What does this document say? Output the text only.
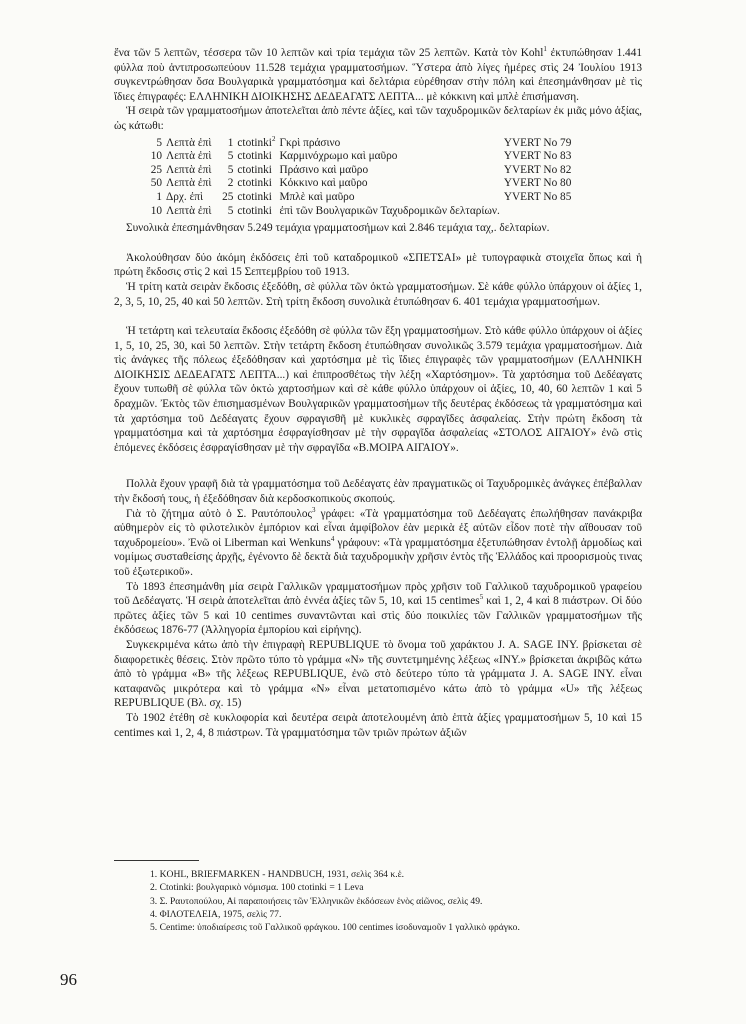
ἕνα τῶν 5 λεπτῶν, τέσσερα τῶν 10 λεπτῶν καὶ τρία τεμάχια τῶν 25 λεπτῶν. Κατὰ τὸν Kohl$^1$ ἐκτυπώθησαν 1.441 φύλλα ποὺ ἀντιπροσωπεύουν 11.528 τεμάχια γραμματοσήμων. Ὕστερα ἀπὸ λίγες ἡμέρες στὶς 24 Ἰουλίου 1913 συγκεντρώθησαν ὅσα Βουλγαρικὰ γραμματόσημα καὶ δελτάρια εὑρέθησαν στὴν πόλη καὶ ἐπεσημάνθησαν μὲ τὶς ἴδιες ἐπιγραφές: ΕΛΛΗΝΙΚΗ ΔΙΟΙΚΗΣΗΣ ΔΕΔΕΑΓΑΤΣ ΛΕΠΤΑ... μὲ κόκκινη καὶ μπλὲ ἐπισήμανση.

Ἡ σειρὰ τῶν γραμματοσήμων ἀποτελεῖται ἀπὸ πέντε ἀξίες, καὶ τῶν ταχυδρομικῶν δελταρίων ἐκ μιᾶς μόνο ἀξίας, ὡς κάτωθι:

5	Λεπτὰ ἐπὶ	1	ctotinki$^2$	Γκρὶ πράσινο	YVERT No 79
10	Λεπτὰ ἐπὶ	5	ctotinki	Καρμινόχρωμο καὶ μαῦρο	YVERT No 83
25	Λεπτὰ ἐπὶ	5	ctotinki	Πράσινο καὶ μαῦρο	YVERT No 82
50	Λεπτὰ ἐπὶ	2	ctotinki	Κόκκινο καὶ μαῦρο	YVERT No 80
1	Δρχ. ἐπὶ	25	ctotinki	Μπλὲ καὶ μαῦρο	YVERT No 85
10	Λεπτὰ ἐπὶ	5	ctotinki	ἐπὶ τῶν Βουλγαρικῶν Ταχυδρομικῶν δελταρίων.	

Συνολικὰ ἐπεσημάνθησαν 5.249 τεμάχια γραμματοσήμων καὶ 2.846 τεμάχια ταχ,. δελταρίων.

Ἀκολούθησαν δύο ἀκόμη ἐκδόσεις ἐπὶ τοῦ καταδρομικοῦ «ΣΠΕΤΣΑΙ» μὲ τυπογραφικὰ στοιχεῖα ὅπως καὶ ἡ πρώτη ἔκδοσις στὶς 2 καὶ 15 Σεπτεμβρίου τοῦ 1913.

Ἡ τρίτη κατὰ σειρὰν ἔκδοσις ἐξεδόθη, σὲ φύλλα τῶν ὀκτὼ γραμματοσήμων. Σὲ κάθε φύλλο ὑπάρχουν οἱ ἀξίες 1, 2, 3, 5, 10, 25, 40 καὶ 50 λεπτῶν. Στὴ τρίτη ἔκδοση συνολικὰ ἐτυπώθησαν 6. 401 τεμάχια γραμματοσήμων.

Ἡ τετάρτη καὶ τελευταία ἔκδοσις ἐξεδόθη σὲ φύλλα τῶν ἕξη γραμματοσήμων. Στὸ κάθε φύλλο ὑπάρχουν οἱ ἀξίες 1, 5, 10, 25, 30, καὶ 50 λεπτῶν. Στὴν τετάρτη ἔκδοση ἐτυπώθησαν συνολικῶς 3.579 τεμάχια γραμματοσήμων. Διὰ τὶς ἀνάγκες τῆς πόλεως ἐξεδόθησαν καὶ χαρτόσημα μὲ τὶς ἴδιες ἐπιγραφὲς τῶν γραμματοσήμων (ΕΛΛΗΝΙΚΗ ΔΙΟΙΚΗΣΙΣ ΔΕΔΕΑΓΑΤΣ ΛΕΠΤΑ...) καὶ ἐπιπροσθέτως τὴν λέξη «Χαρτόσημον». Τὰ χαρτόσημα τοῦ Δεδέαγατς ἔχουν τυπωθῆ σὲ φύλλα τῶν ὀκτὼ χαρτοσήμων καὶ σὲ κάθε φύλλο ὑπάρχουν οἱ ἀξίες, 10, 40, 60 λεπτῶν 1 καὶ 5 δραχμῶν. Ἐκτὸς τῶν ἐπισημασμένων Βουλγαρικῶν γραμματοσήμων τῆς δευτέρας ἐκδόσεως τὰ γραμματόσημα καὶ τὰ χαρτόσημα τοῦ Δεδέαγατς ἔχουν σφραγισθῆ μὲ κυκλικὲς σφραγῖδες ἀσφαλείας. Στὴν πρώτη ἔκδοση τὰ γραμματόσημα καὶ τὰ χαρτόσημα ἐσφραγίσθησαν μὲ τὴν σφραγῖδα ἀσφαλείας «ΣΤΟΛΟΣ ΑΙΓΑΙΟΥ» ἐνῶ στὶς ἑπόμενες ἐκδόσεις ἐσφραγίσθησαν μὲ τὴν σφραγῖδα «Β.ΜΟΙΡΑ ΑΙΓΑΙΟΥ».

Πολλὰ ἔχουν γραφῆ διὰ τὰ γραμματόσημα τοῦ Δεδέαγατς ἐὰν πραγματικῶς οἱ Ταχυδρομικὲς ἀνάγκες ἐπέβαλλαν τὴν ἔκδοσή τους, ἡ ἐξεδόθησαν διὰ κερδοσκοπικοὺς σκοπούς.

Γιὰ τὸ ζήτημα αὐτὸ ὁ Σ. Ραυτόπουλος$^3$ γράφει: «Τὰ γραμματόσημα τοῦ Δεδέαγατς ἐπωλήθησαν πανάκριβα αὐθημερὸν εἰς τὸ φιλοτελικὸν ἐμπόριον καὶ εἶναι ἀμφίβολον ἐὰν μερικὰ ἐξ αὐτῶν εἶδον ποτὲ τὴν αἴθουσαν τοῦ ταχυδρομείου». Ἐνῶ οἱ Liberman καὶ Wenkuns$^4$ γράφουν: «Τὰ γραμματόσημα ἐξετυπώθησαν ἐντολῇ ἁρμοδίως καὶ νομίμως συσταθείσης ἀρχῆς, ἐγένοντο δὲ δεκτὰ διὰ ταχυδρομικὴν χρῆσιν ἐντὸς τῆς Ἑλλάδος καὶ προορισμοὺς τινας τοῦ ἐξωτερικοῦ».

Τὸ 1893 ἐπεσημάνθη μία σειρὰ Γαλλικῶν γραμματοσήμων πρὸς χρῆσιν τοῦ Γαλλικοῦ ταχυδρομικοῦ γραφείου τοῦ Δεδέαγατς. Ἡ σειρὰ ἀποτελεῖται ἀπὸ ἐννέα ἀξίες τῶν 5, 10, καὶ 15 centimes$^5$ καὶ 1, 2, 4 καὶ 8 πιάστρων. Οἱ δύο πρῶτες ἀξίες τῶν 5 καὶ 10 centimes συναντῶνται καὶ στὶς δύο ποικιλίες τῶν Γαλλικῶν γραμματοσήμων τῆς ἐκδόσεως 1876-77 (Ἀλληγορία ἐμπορίου καὶ εἰρήνης).

Συγκεκριμένα κάτω ἀπὸ τὴν ἐπιγραφὴ REPUBLIQUE τὸ ὄνομα τοῦ χαράκτου J. A. SAGE INY. βρίσκεται σὲ διαφορετικὲς θέσεις. Στὸν πρῶτο τύπο τὸ γράμμα «N» τῆς συντετμημένης λέξεως «INY.» βρίσκεται ἀκριβῶς κάτω ἀπὸ τὸ γράμμα «B» τῆς λέξεως REPUBLIQUE, ἐνῶ στὸ δεύτερο τύπο τὰ γράμματα J. A. SAGE INY. εἶναι καταφανῶς μικρότερα καὶ τὸ γράμμα «N» εἶναι μετατοπισμένο κάτω ἀπὸ τὸ γράμμα «U» τῆς λέξεως REPUBLIQUE (Βλ. σχ. 15)

Τὸ 1902 ἐτέθη σὲ κυκλοφορία καὶ δευτέρα σειρὰ ἀποτελουμένη ἀπὸ ἑπτὰ ἀξίες γραμματοσήμων 5, 10 καὶ 15 centimes καὶ 1, 2, 4, 8 πιάστρων. Τὰ γραμματόσημα τῶν τριῶν πρώτων ἀξιῶν

1. KOHL, BRIEFMARKEN - HANDBUCH, 1931, σελὶς 364 κ.ἑ.
2. Ctotinki: βουλγαρικὸ νόμισμα. 100 ctotinki = 1 Leva
3. Σ. Ραυτοπούλου, Αἱ παραποιήσεις τῶν Ἑλληνικῶν ἐκδόσεων ἑνὸς αἰῶνος, σελὶς 49.
4. ΦΙΛΟΤΕΛΕΙΑ, 1975, σελὶς 77.
5. Centime: ὑποδιαίρεσις τοῦ Γαλλικοῦ φράγκου. 100 centimes ἰσοδυναμοῦν 1 γαλλικὸ φράγκο.
96
